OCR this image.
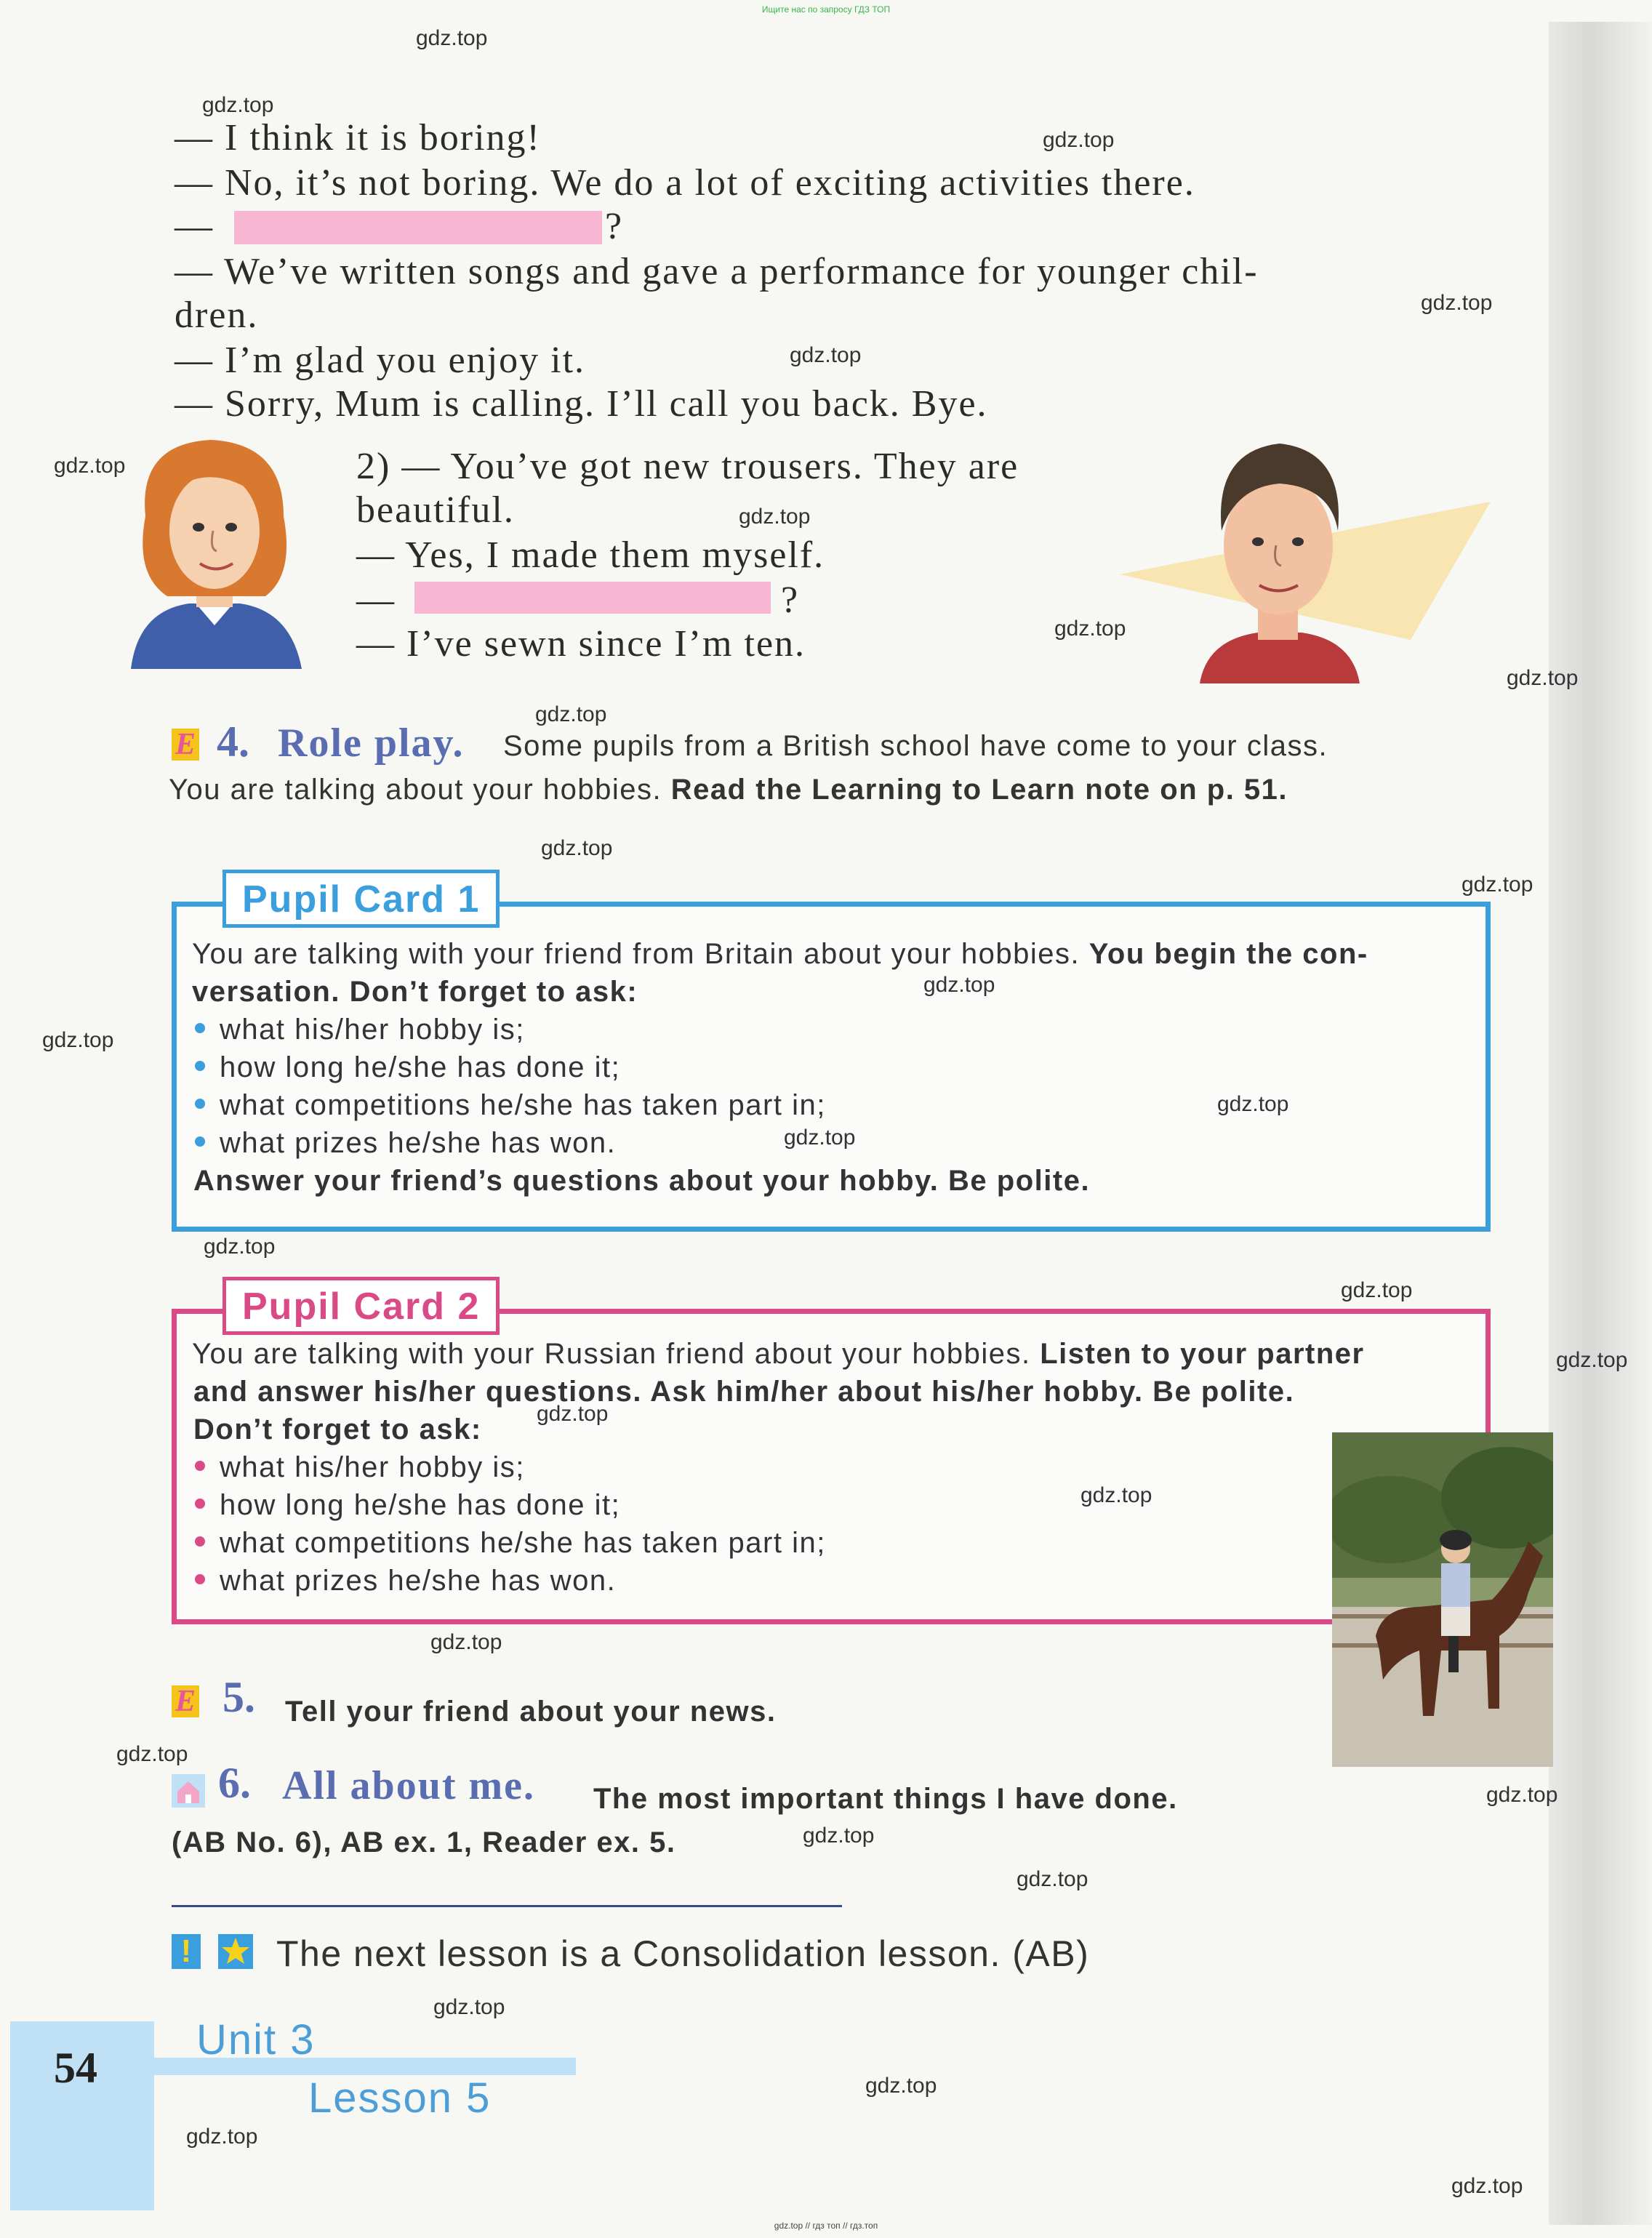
Ищите нас по запросу ГДЗ ТОП
— I think it is boring!
— No, it’s not boring. We do a lot of exciting activities there.
—	?
— We’ve written songs and gave a performance for younger chil-
dren.
— I’m glad you enjoy it.
— Sorry, Mum is calling. I’ll call you back. Bye.
2) — You’ve got new trousers. They are
beautiful.
— Yes, I made them myself.
—	?
— I’ve sewn since I’m ten.
E 4. Role play. Some pupils from a British school have come to your class.
You are talking about your hobbies. Read the Learning to Learn note on p. 51.
Pupil Card 1
You are talking with your friend from Britain about your hobbies. You begin the con-
versation. Don’t forget to ask:
what his/her hobby is;
how long he/she has done it;
what competitions he/she has taken part in;
what prizes he/she has won.
Answer your friend’s questions about your hobby. Be polite.
Pupil Card 2
You are talking with your Russian friend about your hobbies. Listen to your partner
and answer his/her questions. Ask him/her about his/her hobby. Be polite.
Don’t forget to ask:
what his/her hobby is;
how long he/she has done it;
what competitions he/she has taken part in;
what prizes he/she has won.
E 5. Tell your friend about your news.
6. All about me. The most important things I have done.
(AB No. 6), AB ex. 1, Reader ex. 5.
! The next lesson is a Consolidation lesson. (AB)
54
Unit 3
Lesson 5
gdz.top
gdz.top
gdz.top
gdz.top
gdz.top
gdz.top
gdz.top
gdz.top
gdz.top
gdz.top
gdz.top
gdz.top
gdz.top
gdz.top
gdz.top
gdz.top
gdz.top
gdz.top
gdz.top
gdz.top
gdz.top
gdz.top
gdz.top
gdz.top
gdz.top
gdz.top
gdz.top
gdz.top
gdz.top
gdz.top
gdz.top // гдз топ // гдз.топ
